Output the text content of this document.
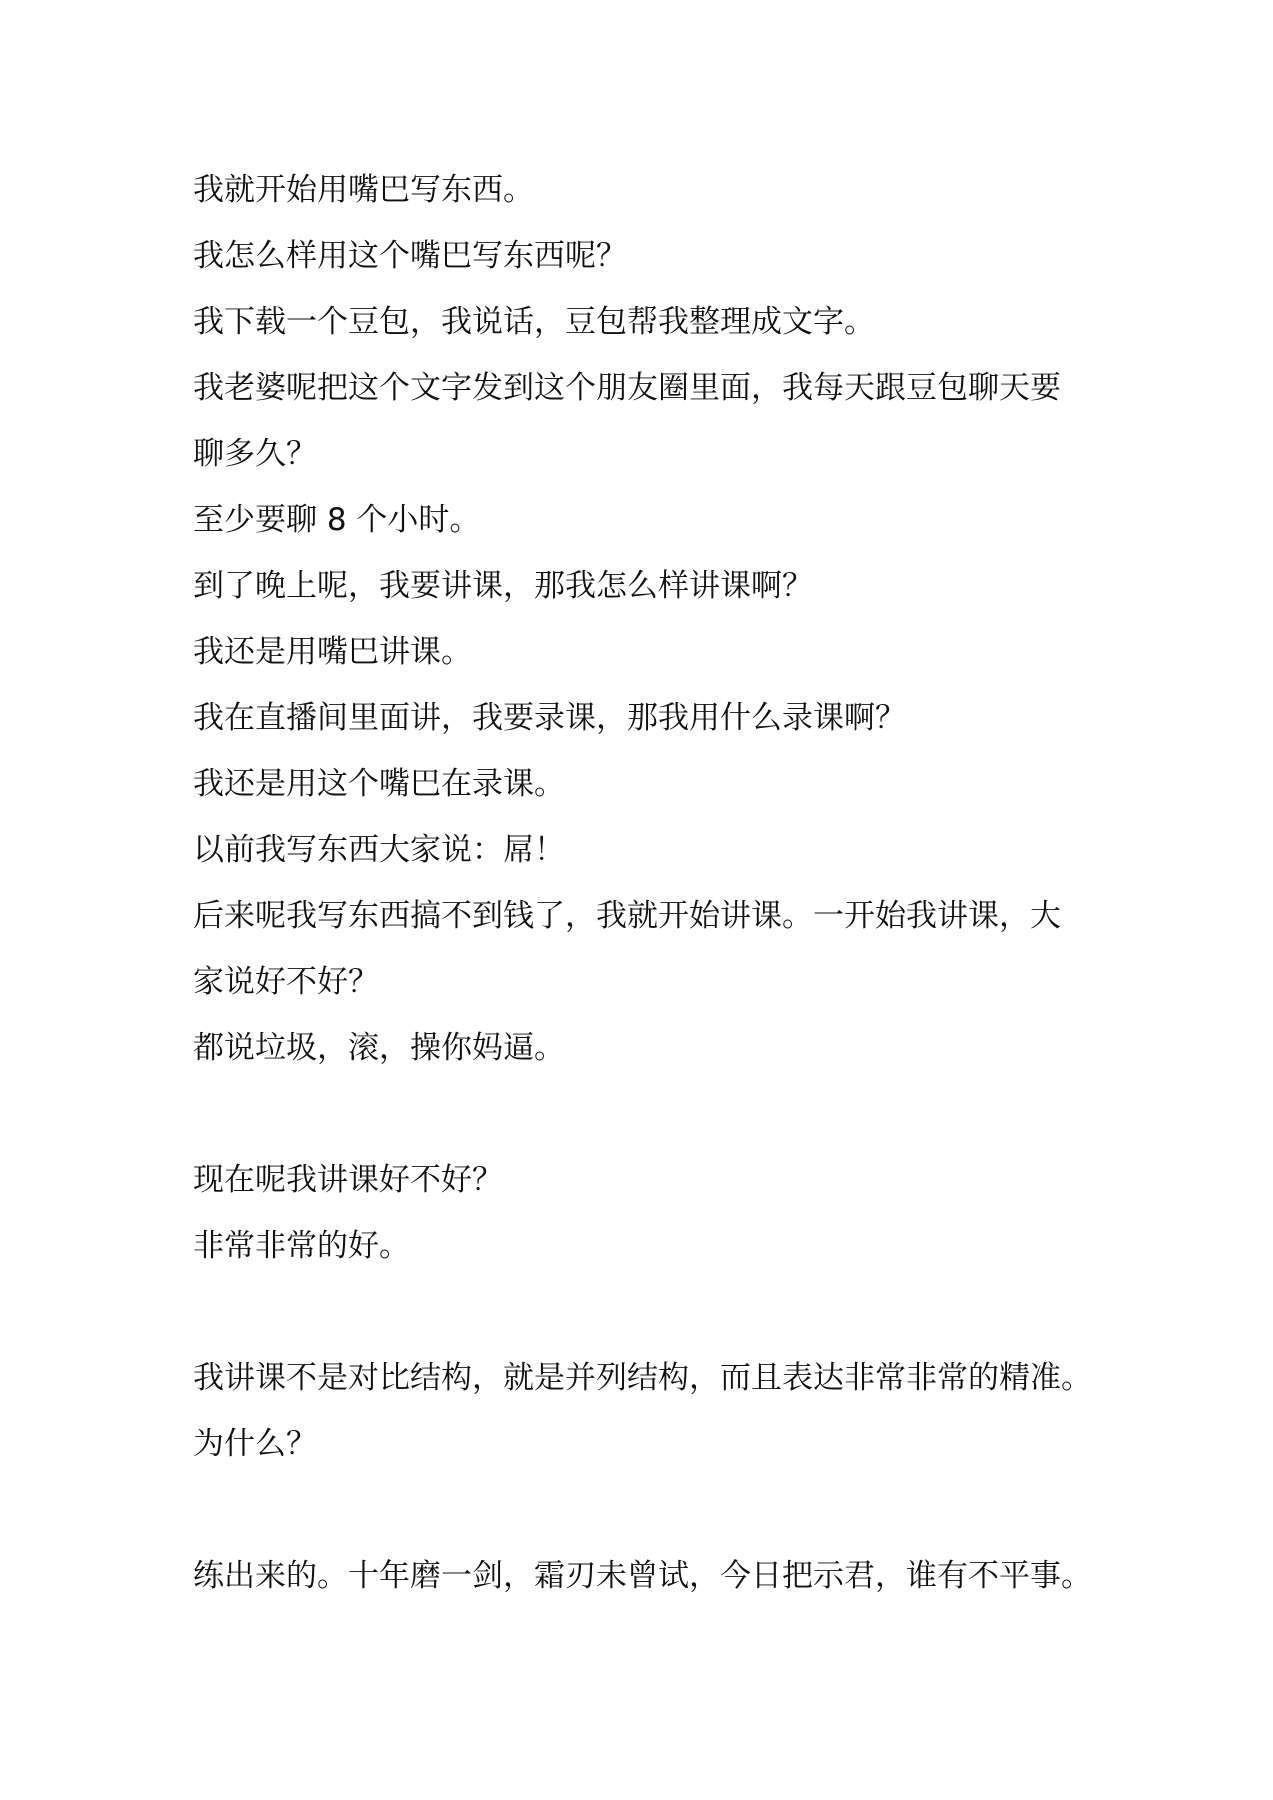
我就开始用嘴巴写东西。
我怎么样用这个嘴巴写东西呢？
我下载一个豆包，我说话，豆包帮我整理成文字。
我老婆呢把这个文字发到这个朋友圈里面，我每天跟豆包聊天要
聊多久？
至少要聊 8 个小时。
到了晚上呢，我要讲课，那我怎么样讲课啊？
我还是用嘴巴讲课。
我在直播间里面讲，我要录课，那我用什么录课啊？
我还是用这个嘴巴在录课。
以前我写东西大家说：屌！
后来呢我写东西搞不到钱了，我就开始讲课。一开始我讲课，大
家说好不好？
都说垃圾，滚，操你妈逼。
现在呢我讲课好不好？
非常非常的好。
我讲课不是对比结构，就是并列结构，而且表达非常非常的精准。
为什么？
练出来的。十年磨一剑，霜刃未曾试，今日把示君，谁有不平事。
